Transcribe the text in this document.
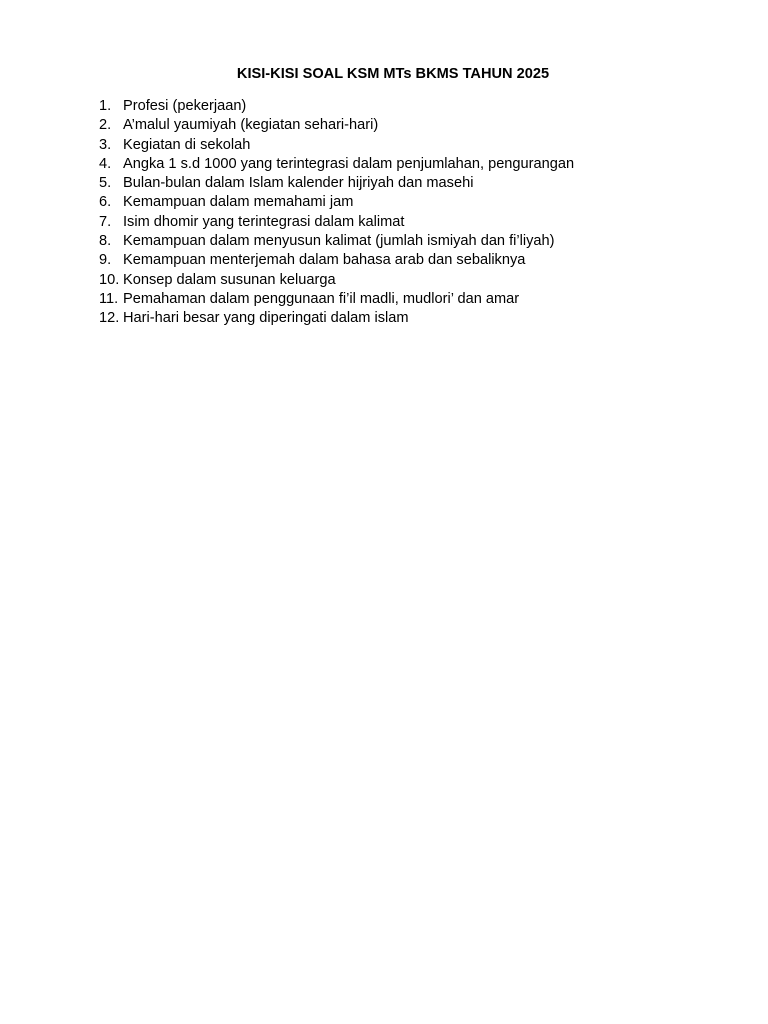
KISI-KISI SOAL KSM MTs BKMS TAHUN 2025
1. Profesi (pekerjaan)
2. A’malul yaumiyah (kegiatan sehari-hari)
3. Kegiatan di sekolah
4. Angka 1 s.d 1000 yang terintegrasi dalam penjumlahan, pengurangan
5. Bulan-bulan dalam Islam kalender hijriyah dan masehi
6. Kemampuan dalam memahami jam
7. Isim dhomir yang terintegrasi dalam kalimat
8. Kemampuan dalam menyusun kalimat (jumlah ismiyah dan fi’liyah)
9. Kemampuan menterjemah dalam bahasa arab dan sebaliknya
10. Konsep dalam susunan keluarga
11. Pemahaman dalam penggunaan fi’il madli, mudlori’ dan amar
12. Hari-hari besar yang diperingati dalam islam
